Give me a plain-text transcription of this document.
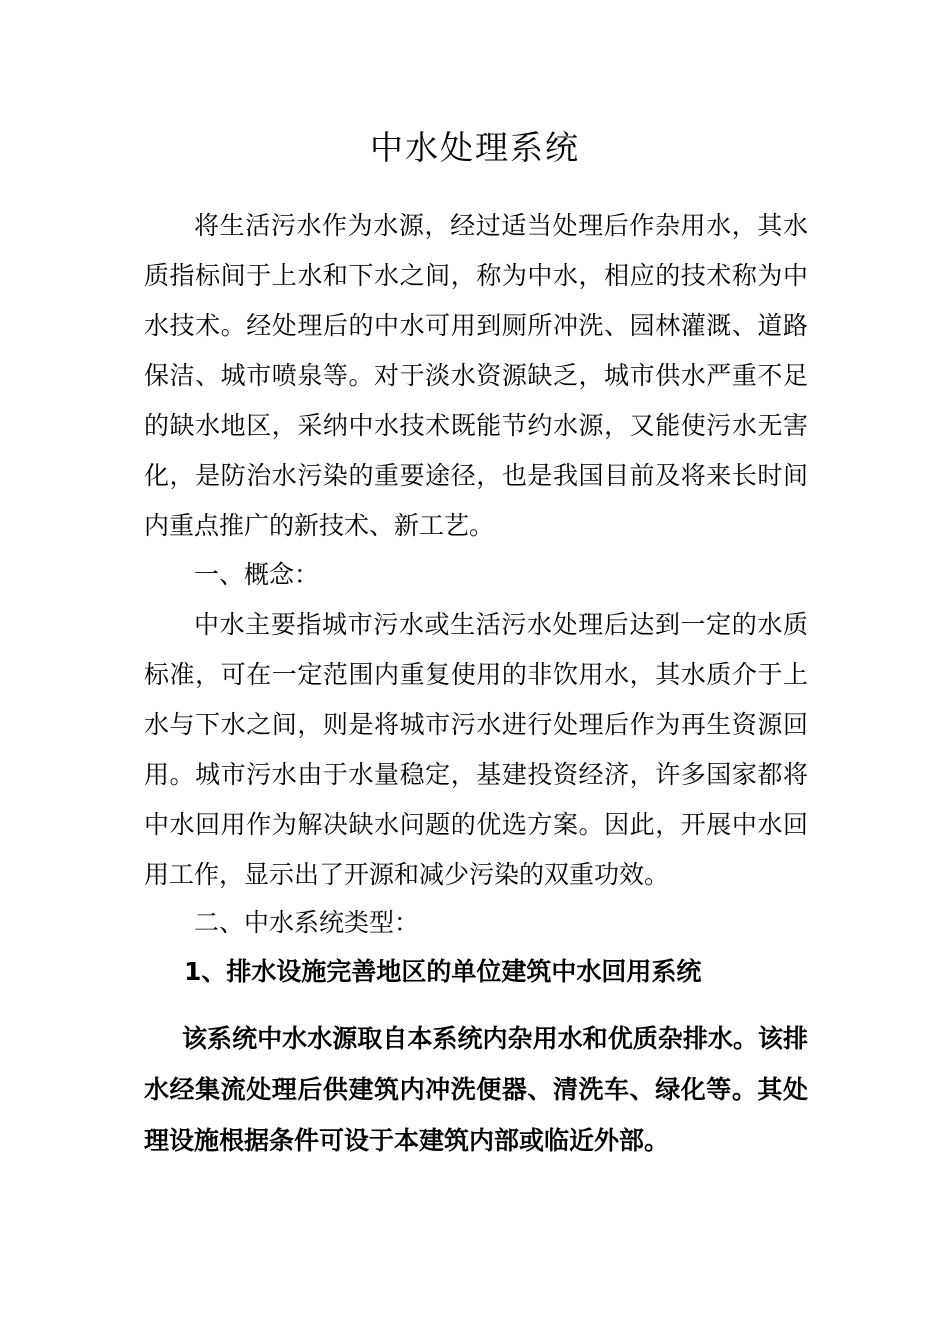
中水处理系统

将生活污水作为水源，经过适当处理后作杂用水，其水质指标间于上水和下水之间，称为中水，相应的技术称为中水技术。经处理后的中水可用到厕所冲洗、园林灌溉、道路保洁、城市喷泉等。对于淡水资源缺乏，城市供水严重不足的缺水地区，采纳中水技术既能节约水源，又能使污水无害化，是防治水污染的重要途径，也是我国目前及将来长时间内重点推广的新技术、新工艺。

一、概念：

中水主要指城市污水或生活污水处理后达到一定的水质标准，可在一定范围内重复使用的非饮用水，其水质介于上水与下水之间，则是将城市污水进行处理后作为再生资源回用。城市污水由于水量稳定，基建投资经济，许多国家都将中水回用作为解决缺水问题的优选方案。因此，开展中水回用工作，显示出了开源和减少污染的双重功效。

二、中水系统类型：

1、排水设施完善地区的单位建筑中水回用系统

该系统中水水源取自本系统内杂用水和优质杂排水。该排水经集流处理后供建筑内冲洗便器、清洗车、绿化等。其处理设施根据条件可设于本建筑内部或临近外部。
